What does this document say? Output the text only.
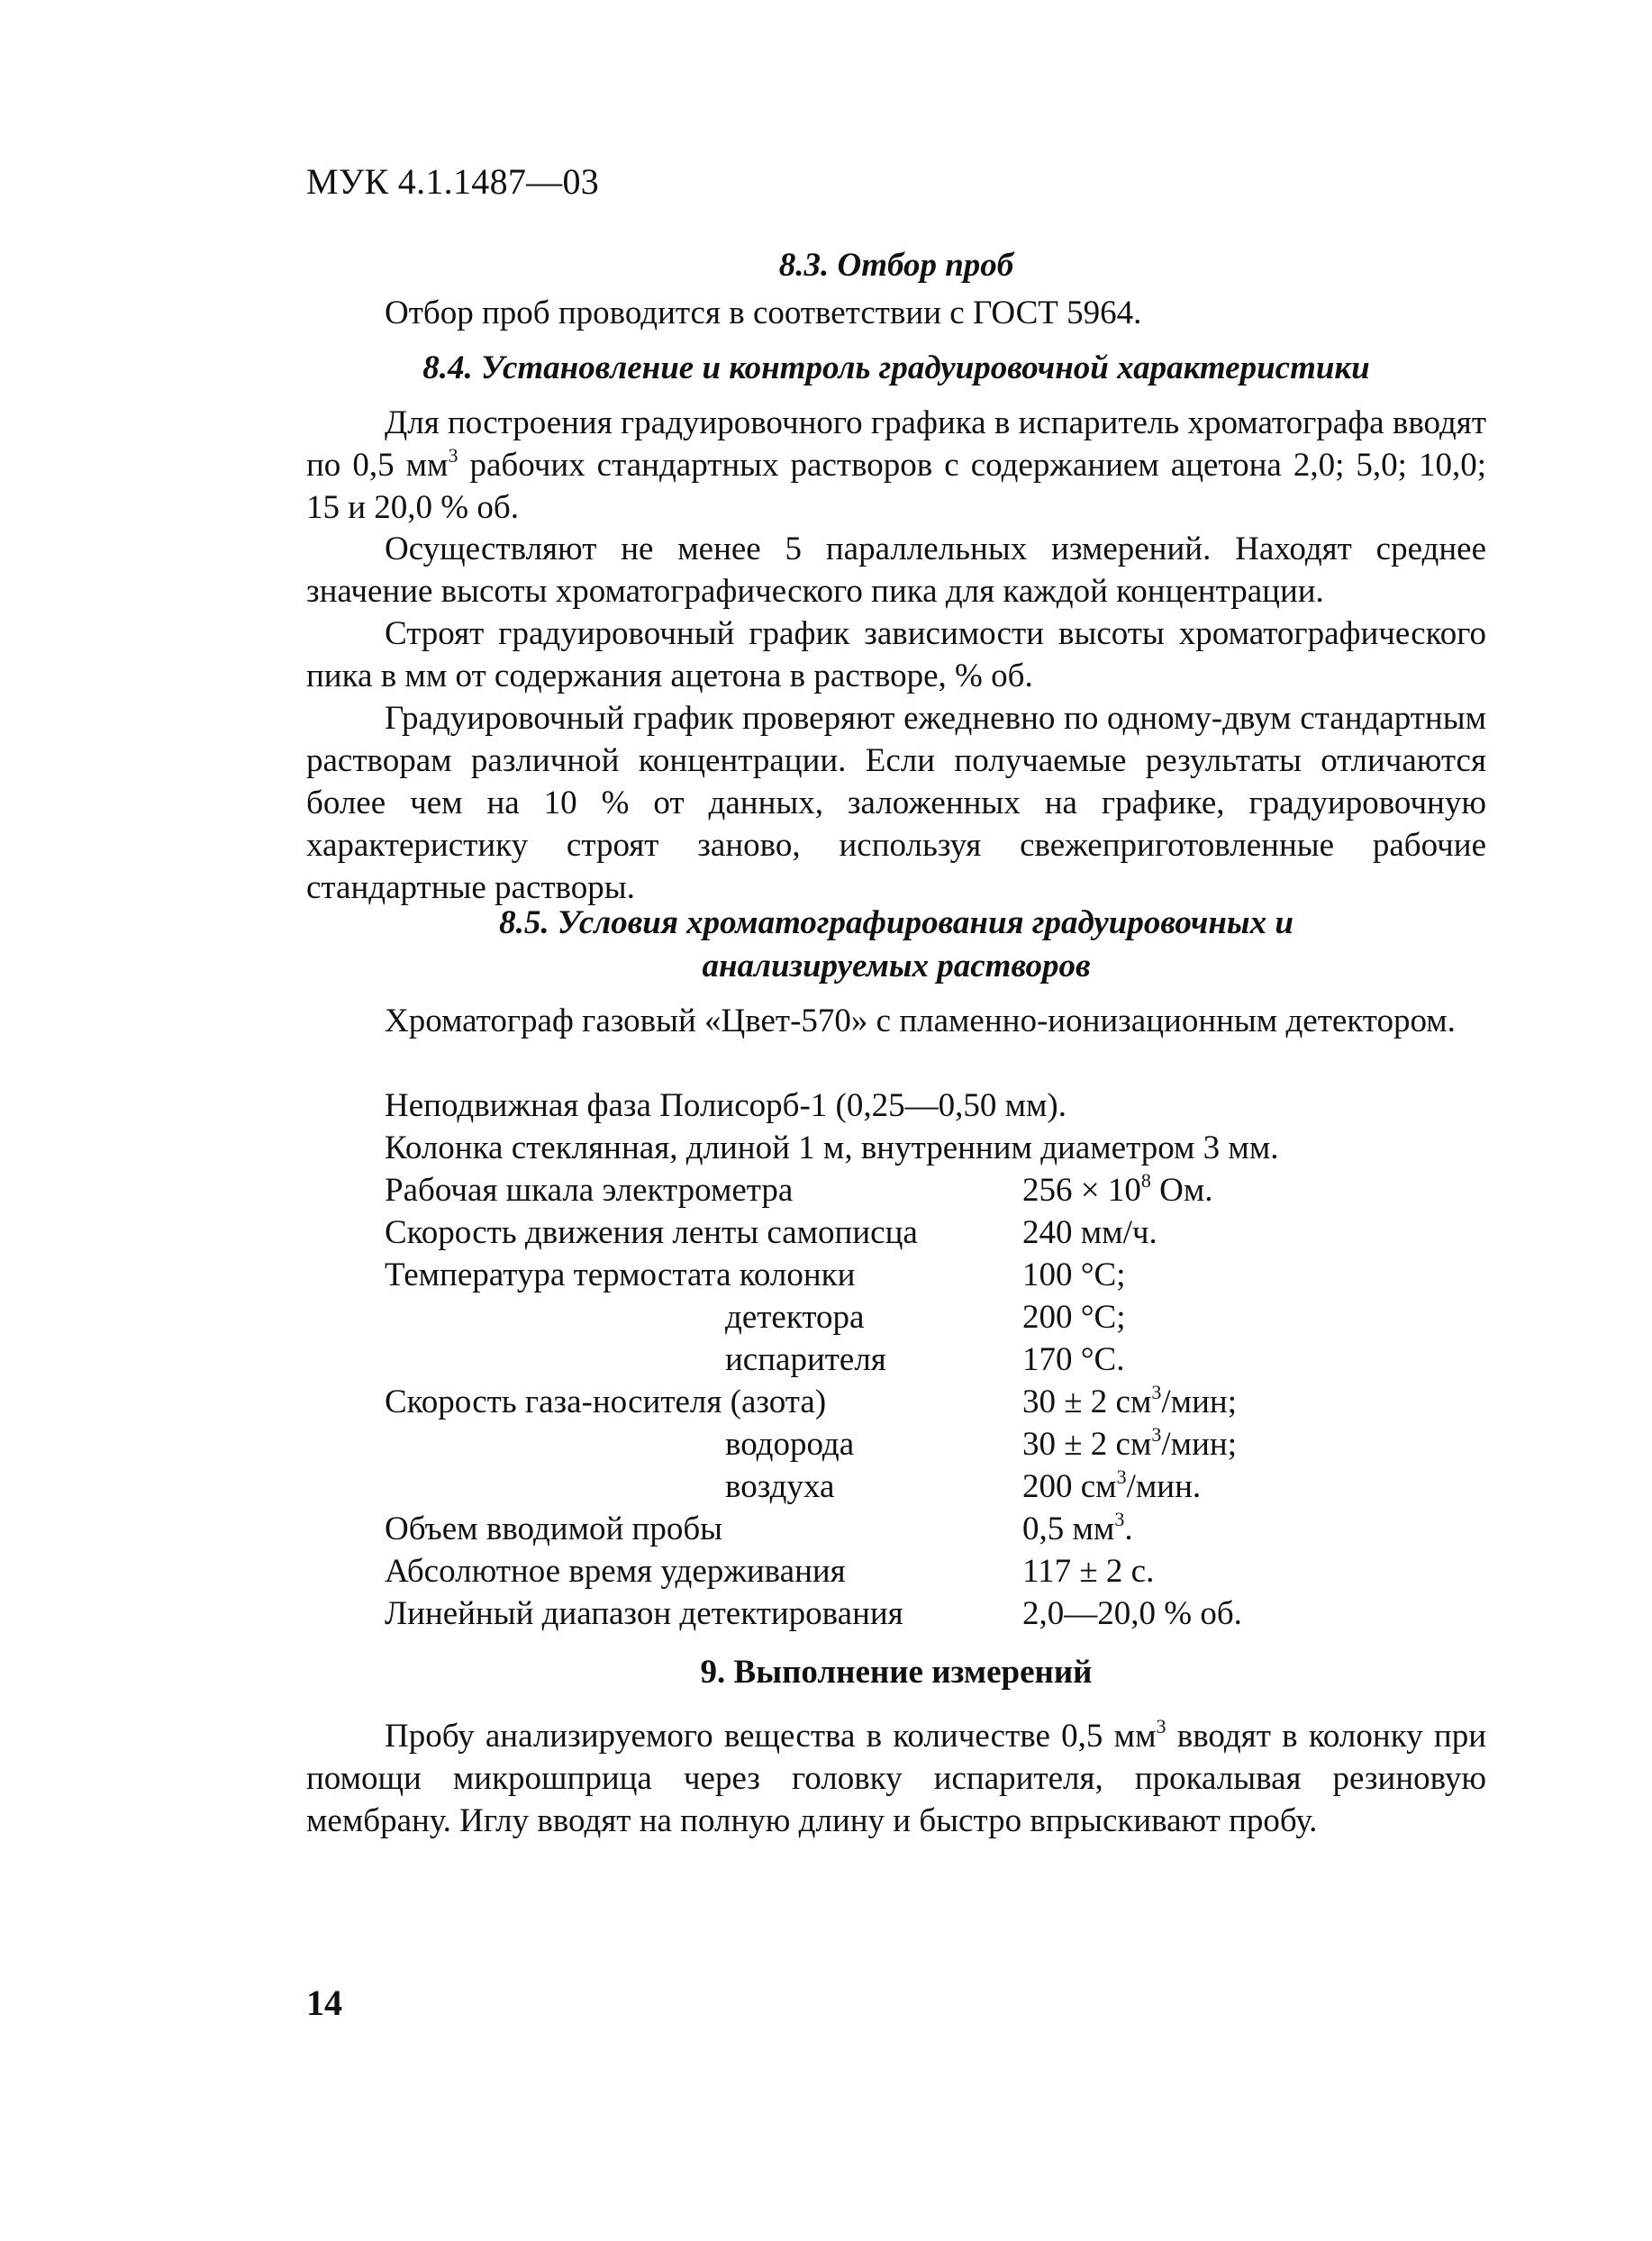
МУК 4.1.1487—03
8.3. Отбор проб

Отбор проб проводится в соответствии с ГОСТ 5964.

8.4. Установление и контроль градуировочной характеристики

Для построения градуировочного графика в испаритель хроматографа вводят по 0,5 $мм^3$ рабочих стандартных растворов с содержанием ацетона 2,0; 5,0; 10,0; 15 и 20,0 % об.

Осуществляют не менее 5 параллельных измерений. Находят среднее значение высоты хроматографического пика для каждой концентрации.

Строят градуировочный график зависимости высоты хроматографического пика в мм от содержания ацетона в растворе, % об.

Градуировочный график проверяют ежедневно по одному-двум стандартным растворам различной концентрации. Если получаемые результаты отличаются более чем на 10 % от данных, заложенных на графике, градуировочную характеристику строят заново, используя свежеприготовленные рабочие стандартные растворы.

8.5. Условия хроматографирования градуировочных и
анализируемых растворов

Хроматограф газовый «Цвет-570» с пламенно-ионизационным детектором.

Неподвижная фаза Полисорб-1 (0,25—0,50 мм).
Колонка стеклянная, длиной 1 м, внутренним диаметром 3 мм.
Рабочая шкала электрометра	$256 \times 10^8$ Ом.
Скорость движения ленты самописца	240 мм/ч.
Температура термостата колонки	100 °С;
детектора	200 °С;
испарителя	170 °С.
Скорость газа-носителя (азота)	30 ± 2 $см^3$/мин;
водорода	30 ± 2 $см^3$/мин;
воздуха	200 $см^3$/мин.
Объем вводимой пробы	0,5 $мм^3$.
Абсолютное время удерживания	117 ± 2 с.
Линейный диапазон детектирования	2,0—20,0 % об.
9. Выполнение измерений

Пробу анализируемого вещества в количестве 0,5 $мм^3$ вводят в колонку при помощи микрошприца через головку испарителя, прокалывая резиновую мембрану. Иглу вводят на полную длину и быстро впрыскивают пробу.

14
